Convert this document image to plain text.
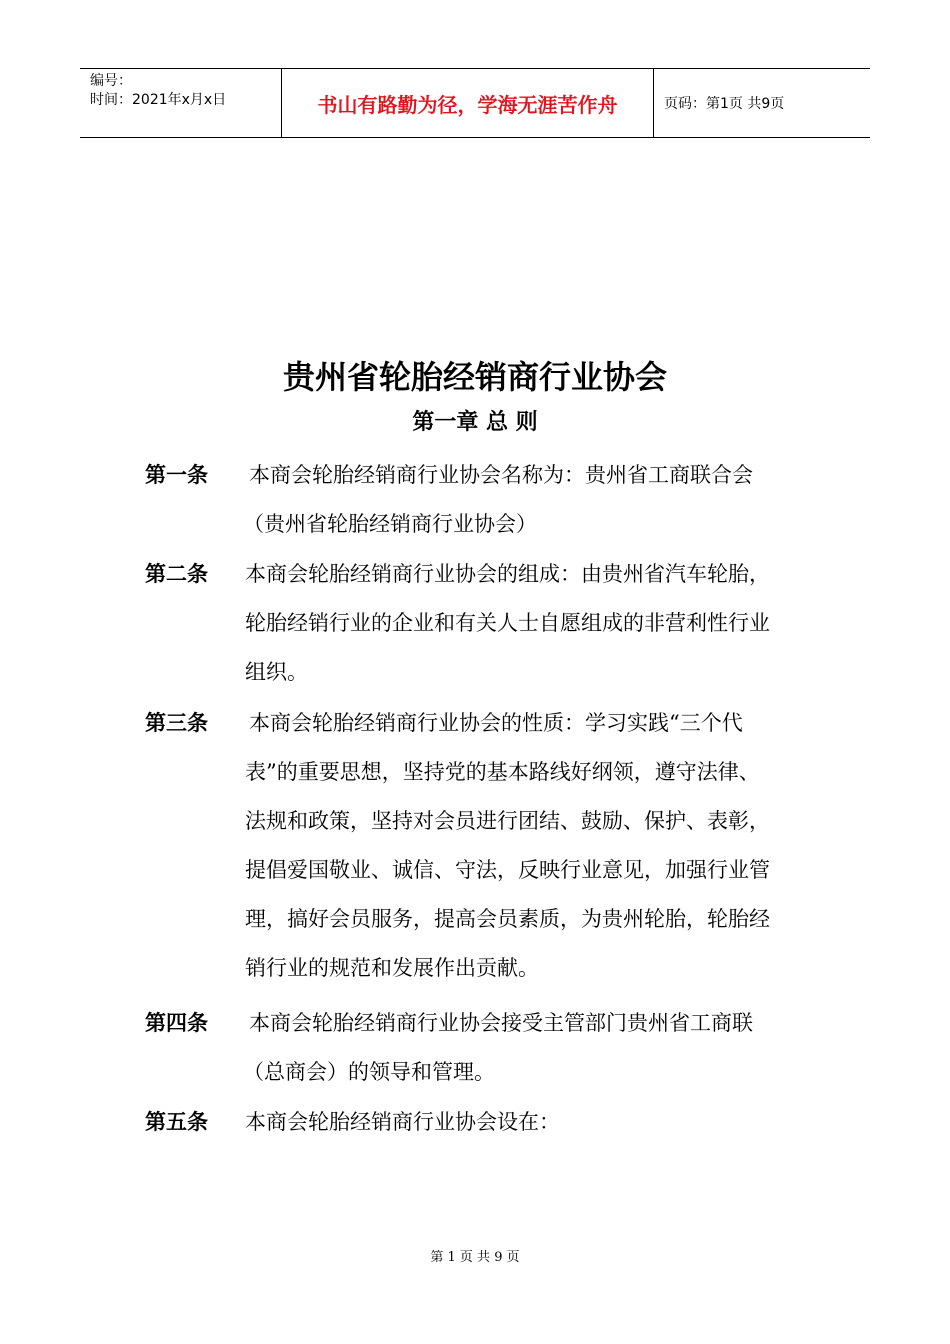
编号：
时间：2021年x月x日	书山有路勤为径，学海无涯苦作舟	页码：第1页 共9页
贵州省轮胎经销商行业协会
第一章 总 则
第一条 本商会轮胎经销商行业协会名称为：贵州省工商联合会
（贵州省轮胎经销商行业协会）
第二条 本商会轮胎经销商行业协会的组成：由贵州省汽车轮胎，
轮胎经销行业的企业和有关人士自愿组成的非营利性行业
组织。
第三条 本商会轮胎经销商行业协会的性质：学习实践“三个代
表”的重要思想，坚持党的基本路线好纲领，遵守法律、
法规和政策，坚持对会员进行团结、鼓励、保护、表彰，
提倡爱国敬业、诚信、守法，反映行业意见，加强行业管
理，搞好会员服务，提高会员素质，为贵州轮胎，轮胎经
销行业的规范和发展作出贡献。
第四条 本商会轮胎经销商行业协会接受主管部门贵州省工商联
（总商会）的领导和管理。
第五条 本商会轮胎经销商行业协会设在：
第 1 页 共 9 页
